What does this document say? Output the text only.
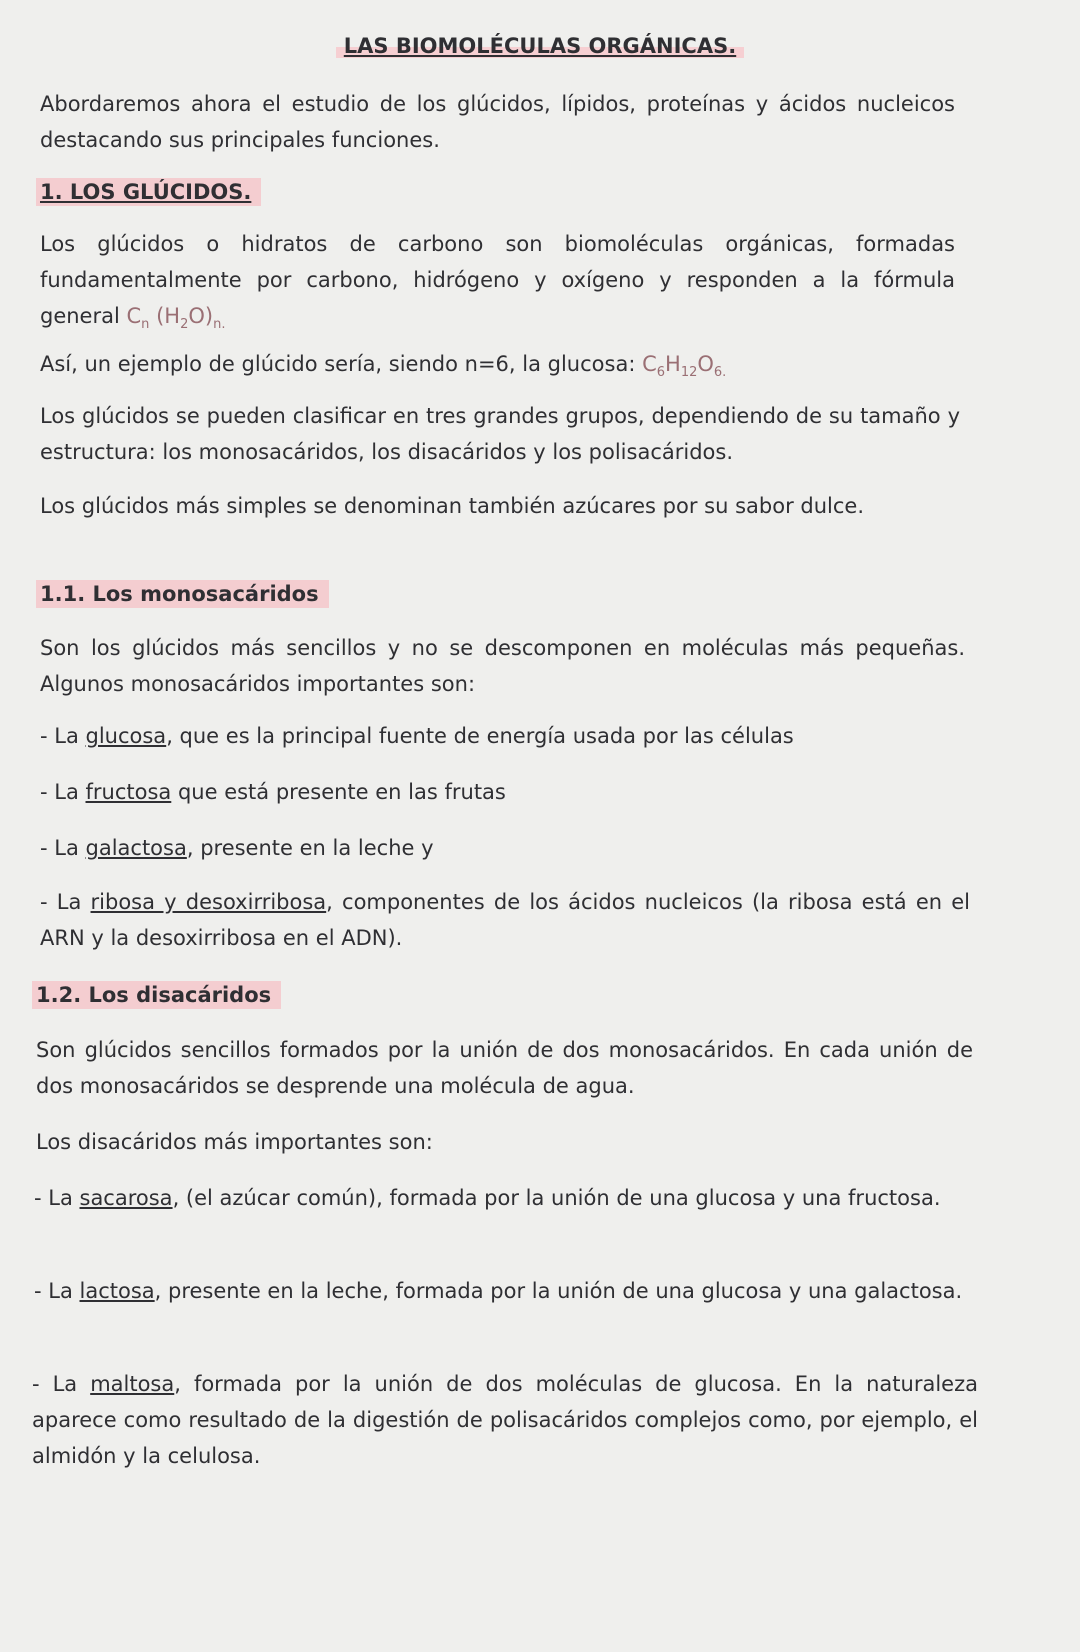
LAS BIOMOLÉCULAS ORGÁNICAS.
Abordaremos ahora el estudio de los glúcidos, lípidos, proteínas y ácidos nucleicos destacando sus principales funciones.
1. LOS GLÚCIDOS.
Los glúcidos o hidratos de carbono son biomoléculas orgánicas, formadas fundamentalmente por carbono, hidrógeno y oxígeno y responden a la fórmula general $C_n$ $(H_2O)_{n.}$
Así, un ejemplo de glúcido sería, siendo n=6, la glucosa: $C_6H_{12}O_{6.}$
Los glúcidos se pueden clasificar en tres grandes grupos, dependiendo de su tamaño y estructura: los monosacáridos, los disacáridos y los polisacáridos.
Los glúcidos más simples se denominan también azúcares por su sabor dulce.
1.1. Los monosacáridos
Son los glúcidos más sencillos y no se descomponen en moléculas más pequeñas. Algunos monosacáridos importantes son:
- La glucosa, que es la principal fuente de energía usada por las células
- La fructosa que está presente en las frutas
- La galactosa, presente en la leche y
- La ribosa y desoxirribosa, componentes de los ácidos nucleicos (la ribosa está en el ARN y la desoxirribosa en el ADN).
1.2. Los disacáridos
Son glúcidos sencillos formados por la unión de dos monosacáridos. En cada unión de dos monosacáridos se desprende una molécula de agua.
Los disacáridos más importantes son:
- La sacarosa, (el azúcar común), formada por la unión de una glucosa y una fructosa.
- La lactosa, presente en la leche, formada por la unión de una glucosa y una galactosa.
- La maltosa, formada por la unión de dos moléculas de glucosa. En la naturaleza aparece como resultado de la digestión de polisacáridos complejos como, por ejemplo, el almidón y la celulosa.
